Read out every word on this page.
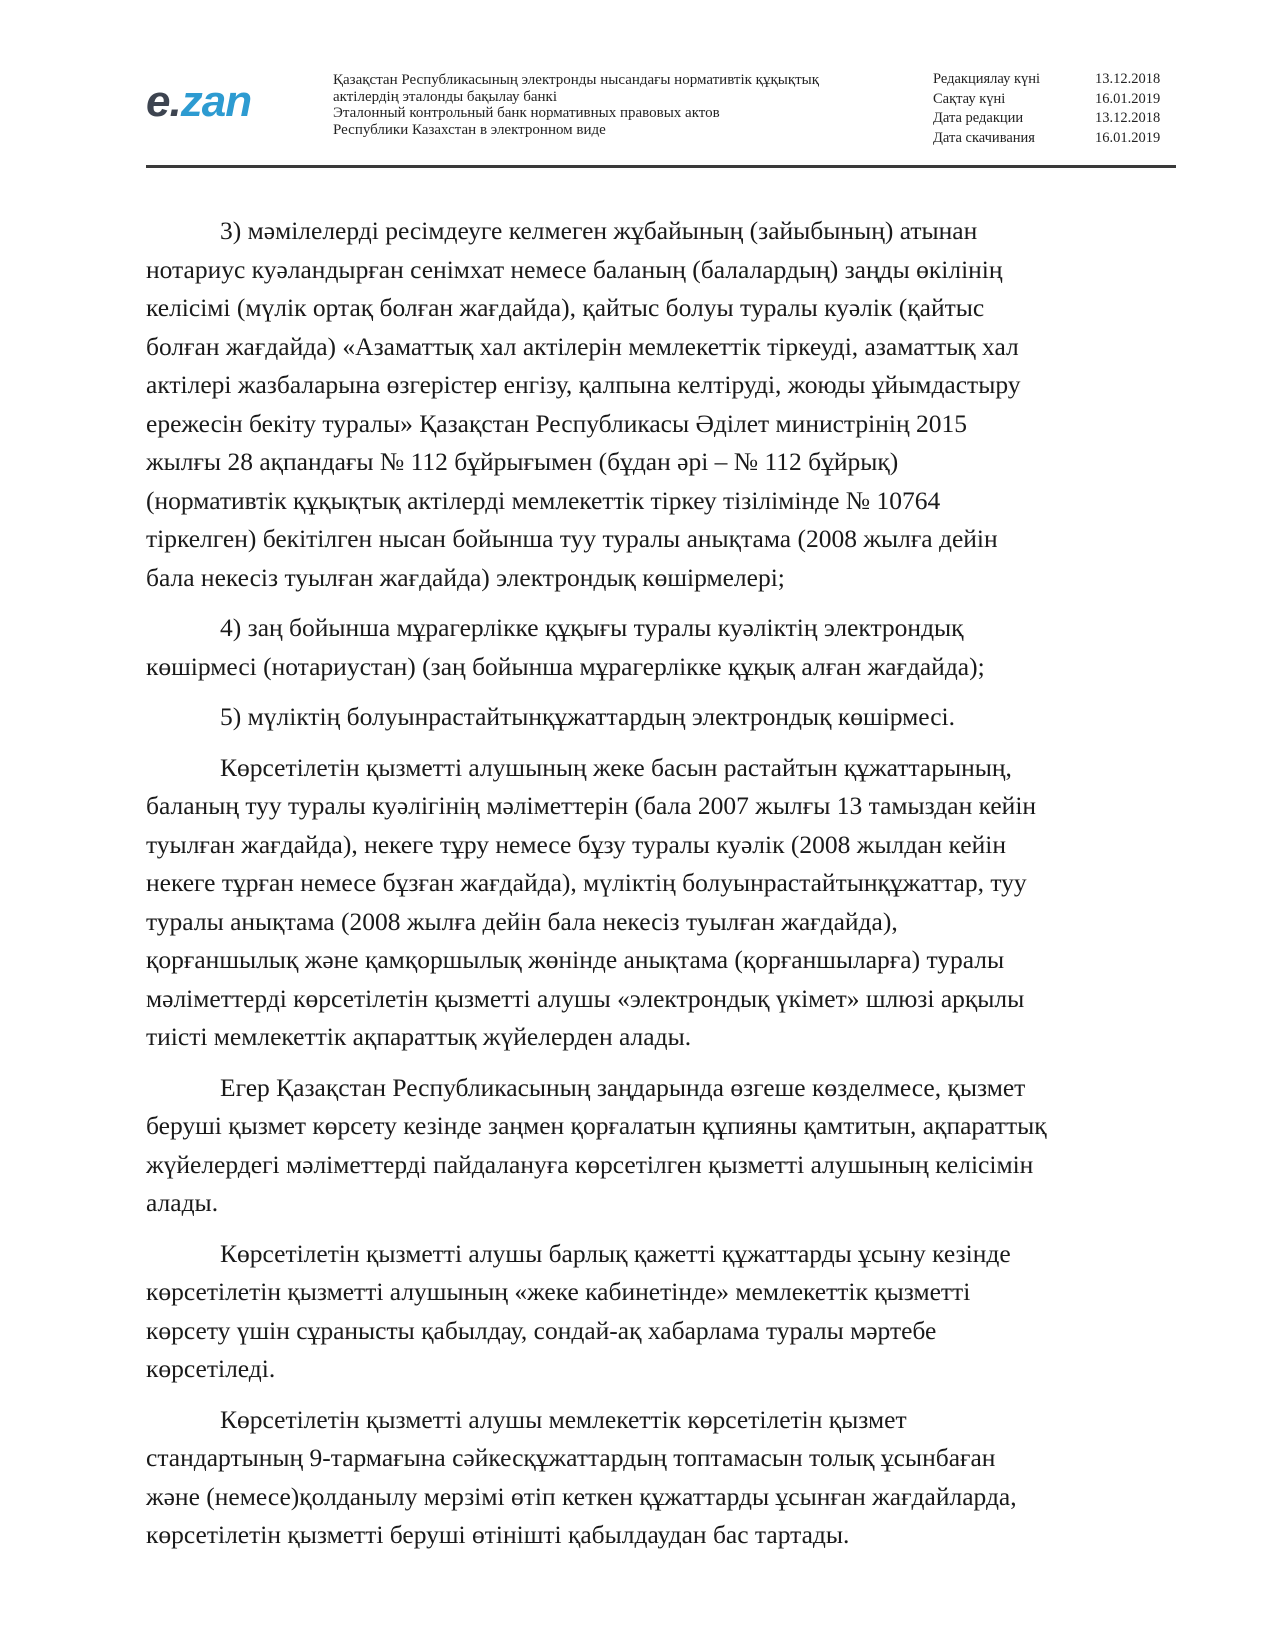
e.zan	Қазақстан Республикасының электронды нысандағы нормативтік құқықтық
актілердің эталонды бақылау банкі
Эталонный контрольный банк нормативных правовых актов
Республики Казахстан в электронном виде
Редакциялау күні	13.12.2018
Сақтау күні	16.01.2019
Дата редакции	13.12.2018
Дата скачивания	16.01.2019
3) мәмілелерді ресімдеуге келмеген жұбайының (зайыбының) атынан
нотариус куәландырған сенімхат немесе баланың (балалардың) заңды өкілінің
келісімі (мүлік ортақ болған жағдайда), қайтыс болуы туралы куәлік (қайтыс
болған жағдайда) «Азаматтық хал актілерін мемлекеттік тіркеуді, азаматтық хал
актілері жазбаларына өзгерістер енгізу, қалпына келтіруді, жоюды ұйымдастыру
ережесін бекіту туралы» Қазақстан Республикасы Әділет министрінің 2015
жылғы 28 ақпандағы № 112 бұйрығымен (бұдан әрі – № 112 бұйрық)
(нормативтік құқықтық актілерді мемлекеттік тіркеу тізілімінде № 10764
тіркелген) бекітілген нысан бойынша туу туралы анықтама (2008 жылға дейін
бала некесіз туылған жағдайда) электрондық көшірмелері;
4) заң бойынша мұрагерлікке құқығы туралы куәліктің электрондық
көшірмесі (нотариустан) (заң бойынша мұрагерлікке құқық алған жағдайда);
5) мүліктің болуынрастайтынқұжаттардың электрондық көшірмесі.
Көрсетілетін қызметті алушының жеке басын растайтын құжаттарының,
баланың туу туралы куәлігінің мәліметтерін (бала 2007 жылғы 13 тамыздан кейін
туылған жағдайда), некеге тұру немесе бұзу туралы куәлік (2008 жылдан кейін
некеге тұрған немесе бұзған жағдайда), мүліктің болуынрастайтынқұжаттар, туу
туралы анықтама (2008 жылға дейін бала некесіз туылған жағдайда),
қорғаншылық және қамқоршылық жөнінде анықтама (қорғаншыларға) туралы
мәліметтерді көрсетілетін қызметті алушы «электрондық үкімет» шлюзі арқылы
тиісті мемлекеттік ақпараттық жүйелерден алады.
Егер Қазақстан Республикасының заңдарында өзгеше көзделмесе, қызмет
беруші қызмет көрсету кезінде заңмен қорғалатын құпияны қамтитын, ақпараттық
жүйелердегі мәліметтерді пайдалануға көрсетілген қызметті алушының келісімін
алады.
Көрсетілетін қызметті алушы барлық қажетті құжаттарды ұсыну кезінде
көрсетілетін қызметті алушының «жеке кабинетінде» мемлекеттік қызметті
көрсету үшін сұранысты қабылдау, сондай-ақ хабарлама туралы мәртебе
көрсетіледі.
Көрсетілетін қызметті алушы мемлекеттік көрсетілетін қызмет
стандартының 9-тармағына сәйкесқұжаттардың топтамасын толық ұсынбаған
және (немесе)қолданылу мерзімі өтіп кеткен құжаттарды ұсынған жағдайларда,
көрсетілетін қызметті беруші өтінішті қабылдаудан бас тартады.
